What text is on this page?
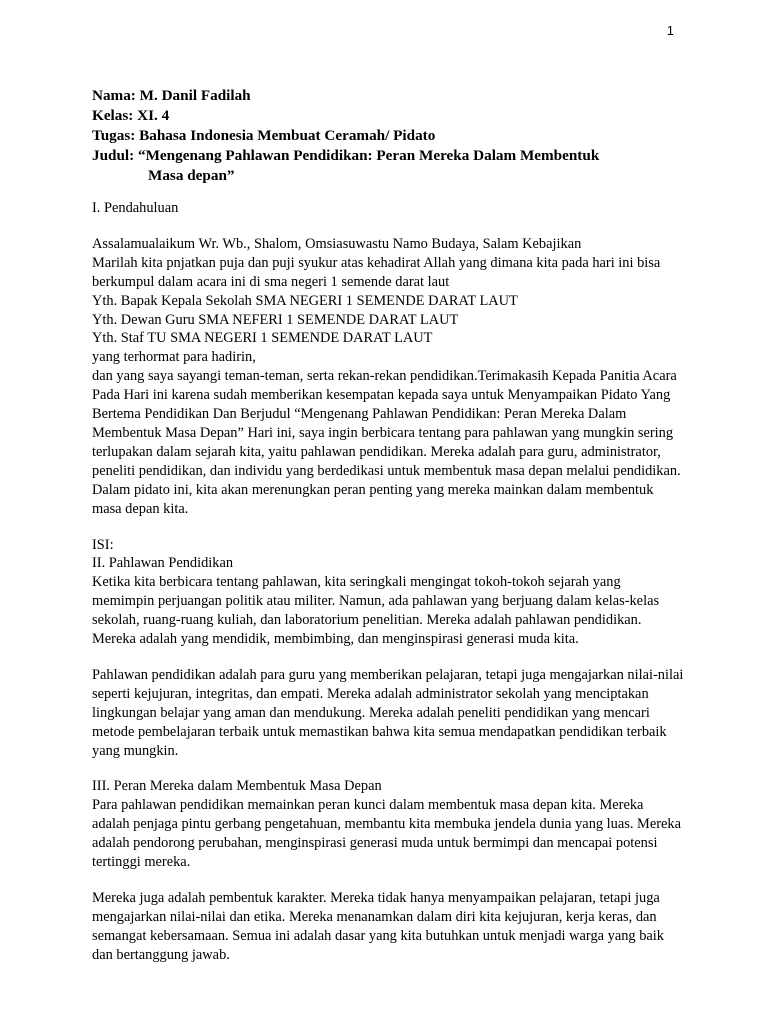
1
Nama: M. Danil Fadilah
Kelas: XI. 4
Tugas: Bahasa Indonesia Membuat Ceramah/ Pidato
Judul: “Mengenang Pahlawan Pendidikan: Peran Mereka Dalam Membentuk
Masa depan”

I. Pendahuluan

Assalamualaikum Wr. Wb., Shalom, Omsiasuwastu Namo Budaya, Salam Kebajikan

Marilah kita pnjatkan puja dan puji syukur atas kehadirat Allah yang dimana kita pada hari ini bisa berkumpul dalam acara ini di sma negeri 1 semende darat laut

Yth. Bapak Kepala Sekolah SMA NEGERI 1 SEMENDE DARAT LAUT

Yth. Dewan Guru SMA NEFERI 1 SEMENDE DARAT LAUT

Yth. Staf TU SMA NEGERI 1 SEMENDE DARAT LAUT

yang terhormat para hadirin,

dan yang saya sayangi teman-teman, serta rekan-rekan pendidikan.Terimakasih Kepada Panitia Acara Pada Hari ini karena sudah memberikan kesempatan kepada saya untuk Menyampaikan Pidato Yang Bertema Pendidikan Dan Berjudul “Mengenang Pahlawan Pendidikan: Peran Mereka Dalam Membentuk Masa Depan” Hari ini, saya ingin berbicara tentang para pahlawan yang mungkin sering terlupakan dalam sejarah kita, yaitu pahlawan pendidikan. Mereka adalah para guru, administrator, peneliti pendidikan, dan individu yang berdedikasi untuk membentuk masa depan melalui pendidikan. Dalam pidato ini, kita akan merenungkan peran penting yang mereka mainkan dalam membentuk masa depan kita.

ISI:

II. Pahlawan Pendidikan

Ketika kita berbicara tentang pahlawan, kita seringkali mengingat tokoh-tokoh sejarah yang memimpin perjuangan politik atau militer. Namun, ada pahlawan yang berjuang dalam kelas-kelas sekolah, ruang-ruang kuliah, dan laboratorium penelitian. Mereka adalah pahlawan pendidikan. Mereka adalah yang mendidik, membimbing, dan menginspirasi generasi muda kita.

Pahlawan pendidikan adalah para guru yang memberikan pelajaran, tetapi juga mengajarkan nilai-nilai seperti kejujuran, integritas, dan empati. Mereka adalah administrator sekolah yang menciptakan lingkungan belajar yang aman dan mendukung. Mereka adalah peneliti pendidikan yang mencari metode pembelajaran terbaik untuk memastikan bahwa kita semua mendapatkan pendidikan terbaik yang mungkin.

III. Peran Mereka dalam Membentuk Masa Depan

Para pahlawan pendidikan memainkan peran kunci dalam membentuk masa depan kita. Mereka adalah penjaga pintu gerbang pengetahuan, membantu kita membuka jendela dunia yang luas. Mereka adalah pendorong perubahan, menginspirasi generasi muda untuk bermimpi dan mencapai potensi tertinggi mereka.

Mereka juga adalah pembentuk karakter. Mereka tidak hanya menyampaikan pelajaran, tetapi juga mengajarkan nilai-nilai dan etika. Mereka menanamkan dalam diri kita kejujuran, kerja keras, dan semangat kebersamaan. Semua ini adalah dasar yang kita butuhkan untuk menjadi warga yang baik dan bertanggung jawab.
